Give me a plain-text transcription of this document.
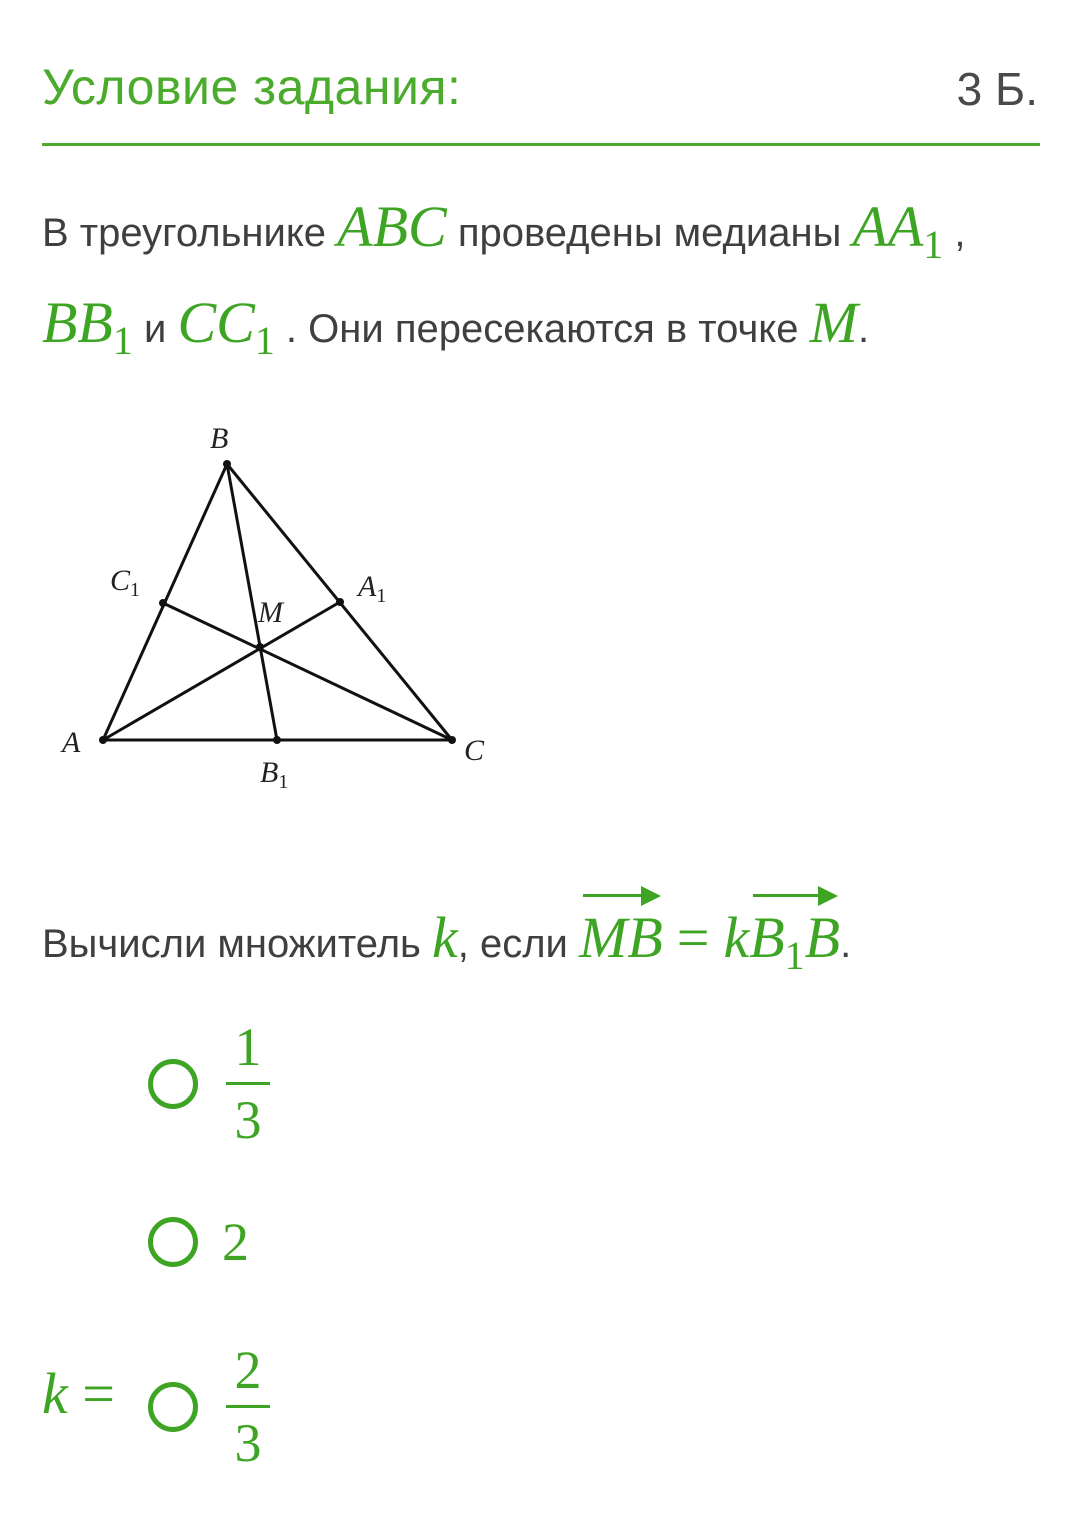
Условие задания:	3 Б.
В треугольнике ABC проведены медианы $AA_1$ ,
$BB_1$ и $CC_1$ . Они пересекаются в точке M.
B
$C_1$	$A_1$
M
A
$B_1$
C
Вычисли множитель k, если MB = $kB_1B$.
$\frac{1}{3}$
2
$k = \frac{2}{3}$
